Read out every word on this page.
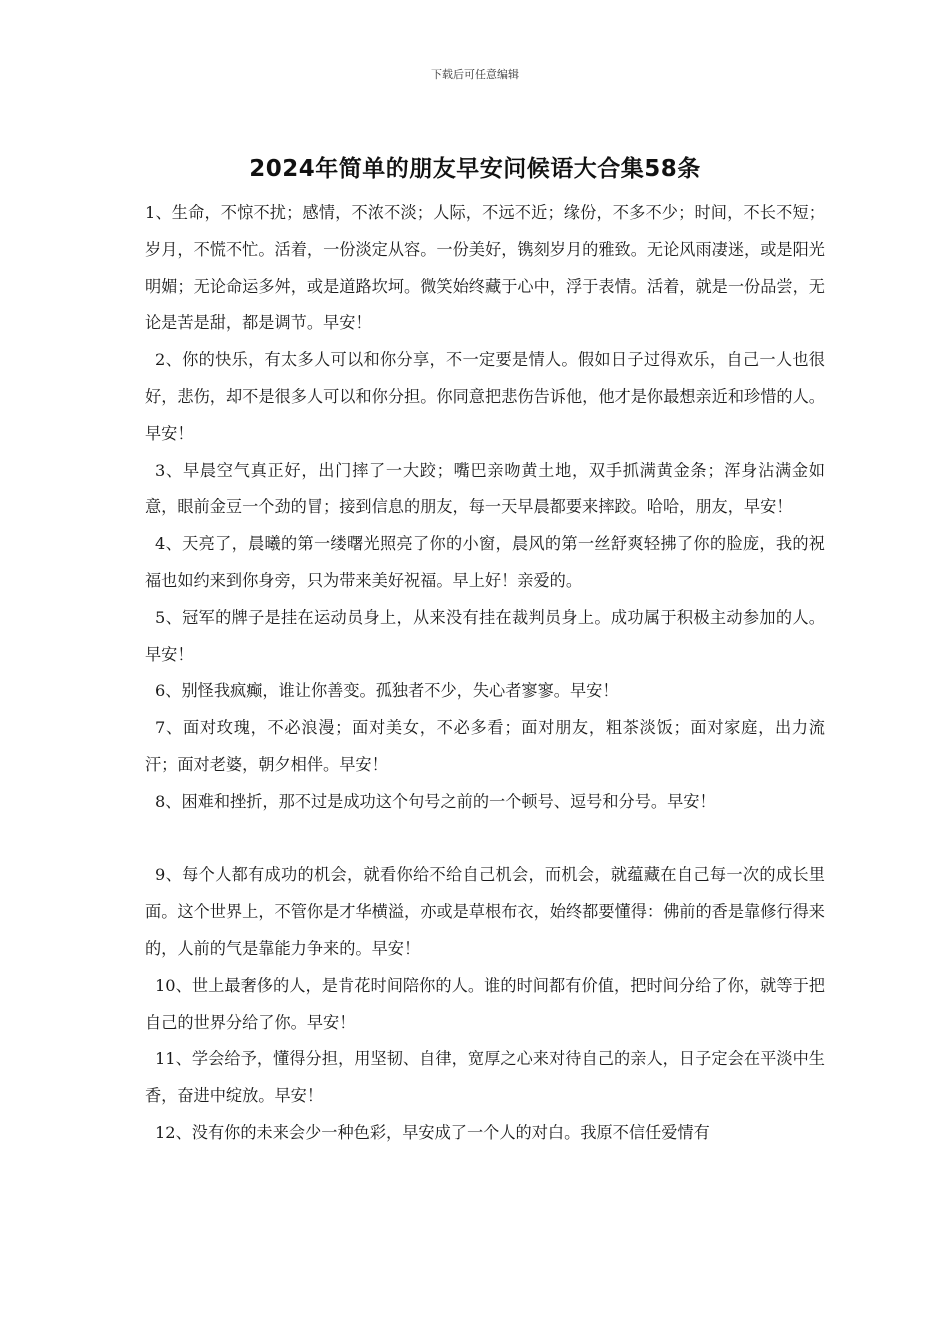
下载后可任意编辑
2024年简单的朋友早安问候语大合集58条

1、生命，不惊不扰；感情，不浓不淡；人际，不远不近；缘份，不多不少；时间，不长不短；岁月，不慌不忙。活着，一份淡定从容。一份美好，镌刻岁月的雅致。无论风雨凄迷，或是阳光明媚；无论命运多舛，或是道路坎坷。微笑始终藏于心中，浮于表情。活着，就是一份品尝，无论是苦是甜，都是调节。早安！

2、你的快乐，有太多人可以和你分享，不一定要是情人。假如日子过得欢乐，自己一人也很好，悲伤，却不是很多人可以和你分担。你同意把悲伤告诉他，他才是你最想亲近和珍惜的人。早安！

3、早晨空气真正好，出门摔了一大跤；嘴巴亲吻黄土地，双手抓满黄金条；浑身沾满金如意，眼前金豆一个劲的冒；接到信息的朋友，每一天早晨都要来摔跤。哈哈，朋友，早安！

4、天亮了，晨曦的第一缕曙光照亮了你的小窗，晨风的第一丝舒爽轻拂了你的脸庞，我的祝福也如约来到你身旁，只为带来美好祝福。早上好！亲爱的。

5、冠军的牌子是挂在运动员身上，从来没有挂在裁判员身上。成功属于积极主动参加的人。早安！

6、别怪我疯癫，谁让你善变。孤独者不少，失心者寥寥。早安！

7、面对玫瑰，不必浪漫；面对美女，不必多看；面对朋友，粗茶淡饭；面对家庭，出力流汗；面对老婆，朝夕相伴。早安！

8、困难和挫折，那不过是成功这个句号之前的一个顿号、逗号和分号。早安！

9、每个人都有成功的机会，就看你给不给自己机会，而机会，就蕴藏在自己每一次的成长里面。这个世界上，不管你是才华横溢，亦或是草根布衣，始终都要懂得：佛前的香是靠修行得来的，人前的气是靠能力争来的。早安！

10、世上最奢侈的人，是肯花时间陪你的人。谁的时间都有价值，把时间分给了你，就等于把自己的世界分给了你。早安！

11、学会给予，懂得分担，用坚韧、自律，宽厚之心来对待自己的亲人，日子定会在平淡中生香，奋进中绽放。早安！

12、没有你的未来会少一种色彩，早安成了一个人的对白。我原不信任爱情有
